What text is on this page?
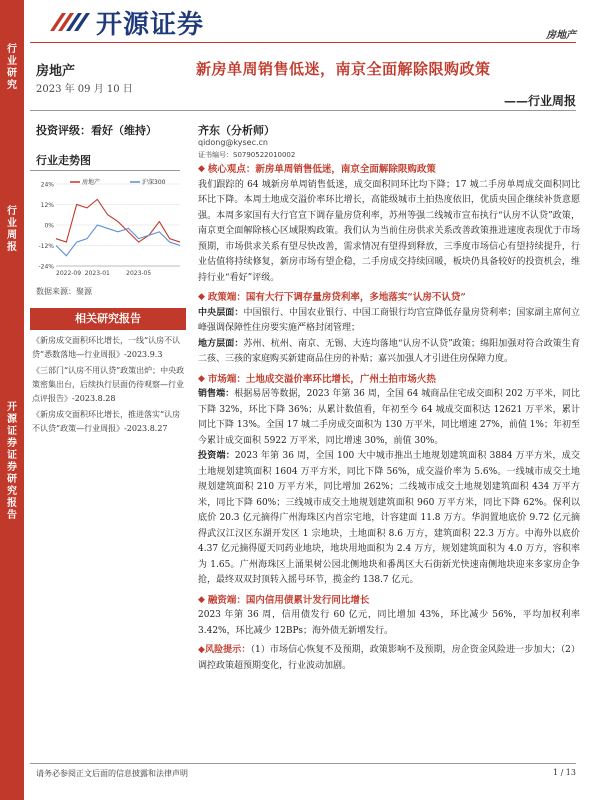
行业研究
行业周报
开源证券 证券研究报告
开源证券	房地产
房地产
2023 年 09 月 10 日
新房单周销售低迷，南京全面解除限购政策
——行业周报
投资评级：看好（维持）	齐东（分析师）
qidong@kysec.cn
证书编号：S0790522010002
行业走势图
24%
12%
0%
-12%
-24%
2022-09 2023-01	2023-05
房地产	沪深300
数据来源：聚源
相关研究报告
《新房成交面积环比增长，一线“认房不认贷”悉数落地—行业周报》-2023.9.3
《三部门“认房不用认贷”政策出炉；中央政策密集出台，后续执行层面仍待观察—行业点评报告》-2023.8.28
《新房成交面积环比增长，推进落实“认房不认贷”政策—行业周报》-2023.8.27
◆ 核心观点：新房单周销售低迷，南京全面解除限购政策
我们跟踪的 64 城新房单周销售低迷，成交面积同环比均下降；17 城二手房单周成交面积同比环比下降。本周土地成交溢价率环比增长，高能级城市土拍热度依旧，优质央国企继续补货意愿强。本周多家国有大行官宣下调存量房贷利率，苏州等强二线城市宣布执行“认房不认贷”政策，南京更全面解除核心区域限购政策。我们认为当前住房供求关系改善政策推进速度表现优于市场预期，市场供求关系有望尽快改善，需求情况有望得到释放，三季度市场信心有望持续提升，行业估值将持续修复，新房市场有望企稳，二手房成交持续回暖，板块仍具备较好的投资机会，维持行业“看好”评级。
◆ 政策端：国有大行下调存量房贷利率，多地落实“认房不认贷”
中央层面：中国银行、中国农业银行、中国工商银行均官宣降低存量房贷利率；国家副主席何立峰强调保障性住房要实施严格封闭管理；
地方层面：苏州、杭州、南京、无锡、大连均落地“认房不认贷”政策；绵阳加强对符合政策生育二孩、三孩的家庭购买新建商品住房的补贴；嘉兴加强人才引进住房保障力度。
◆ 市场端：土地成交溢价率环比增长，广州土拍市场火热
销售端：根据易居等数据，2023 年第 36 周，全国 64 城商品住宅成交面积 202 万平米，同比下降 32%，环比下降 36%；从累计数值看，年初至今 64 城成交面积达 12621 万平米，累计同比下降 13%。全国 17 城二手房成交面积为 130 万平米，同比增速 27%，前值 1%；年初至今累计成交面积 5922 万平米，同比增速 30%，前值 30%。
投资端：2023 年第 36 周，全国 100 大中城市推出土地规划建筑面积 3884 万平方米，成交土地规划建筑面积 1604 万平方米，同比下降 56%，成交溢价率为 5.6%。一线城市成交土地规划建筑面积 210 万平方米，同比增加 262%；二线城市成交土地规划建筑面积 434 万平方米，同比下降 60%；三线城市成交土地规划建筑面积 960 万平方米，同比下降 62%。保利以底价 20.3 亿元摘得广州海珠区内首宗宅地，计容建面 11.8 万方。华润置地底价 9.72 亿元摘得武汉江汉区东湖开发区 1 宗地块，土地面积 8.6 万方，建筑面积 22.3 万方。中海外以底价 4.37 亿元摘得厦天同药业地块，地块用地面积为 2.4 万方，规划建筑面积为 4.0 万方，容积率为 1.65。广州海珠区上涌果树公园北侧地块和番禺区大石街新光快速南侧地块迎来多家房企争抢，最终双双封顶转入摇号环节，揽金约 138.7 亿元。
◆ 融资端：国内信用债累计发行同比增长
2023 年第 36 周，信用债发行 60 亿元，同比增加 43%，环比减少 56%，平均加权利率 3.42%，环比减少 12BPs；海外债无新增发行。
◆风险提示：（1）市场信心恢复不及预期，政策影响不及预期，房企资金风险进一步加大；（2）调控政策超预期变化，行业波动加剧。
请务必参阅正文后面的信息披露和法律声明	1 / 13
